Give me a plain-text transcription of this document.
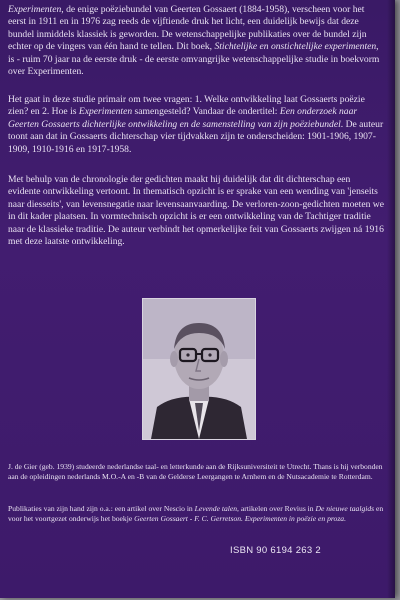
Experimenten, de enige poëziebundel van Geerten Gossaert (1884-1958), verscheen voor het eerst in 1911 en in 1976 zag reeds de vijftiende druk het licht, een duidelijk bewijs dat deze bundel inmiddels klassiek is geworden. De wetenschappelijke publikaties over de bundel zijn echter op de vingers van één hand te tellen. Dit boek, Stichtelijke en onstichtelijke experimenten, is - ruim 70 jaar na de eerste druk - de eerste omvangrijke wetenschappelijke studie in boekvorm over Experimenten.

Het gaat in deze studie primair om twee vragen: 1. Welke ontwikkeling laat Gossaerts poëzie zien? en 2. Hoe is Experimenten samengesteld? Vandaar de ondertitel: Een onderzoek naar Geerten Gossaerts dichterlijke ontwikkeling en de samenstelling van zijn poëziebundel. De auteur toont aan dat in Gossaerts dichterschap vier tijdvakken zijn te onderscheiden: 1901-1906, 1907-1909, 1910-1916 en 1917-1958.

Met behulp van de chronologie der gedichten maakt hij duidelijk dat dit dichterschap een evidente ontwikkeling vertoont. In thematisch opzicht is er sprake van een wending van 'jenseits naar diesseits', van levensnegatie naar levensaanvaarding. De verloren-zoon-gedichten moeten we in dit kader plaatsen. In vormtechnisch opzicht is er een ontwikkeling van de Tachtiger traditie naar de klassieke traditie. De auteur verbindt het opmerkelijke feit van Gossaerts zwijgen ná 1916 met deze laatste ontwikkeling.

J. de Gier (geb. 1939) studeerde nederlandse taal- en letterkunde aan de Rijksuniversiteit te Utrecht. Thans is hij verbonden aan de opleidingen nederlands M.O.-A en -B van de Gelderse Leergangen te Arnhem en de Nutsacademie te Rotterdam.

Publikaties van zijn hand zijn o.a.: een artikel over Nescio in Levende talen, artikelen over Revius in De nieuwe taalgids en voor het voortgezet onderwijs het boekje Geerten Gossaert - F. C. Gerretson. Experimenten in poëzie en proza.

ISBN 90 6194 263 2
